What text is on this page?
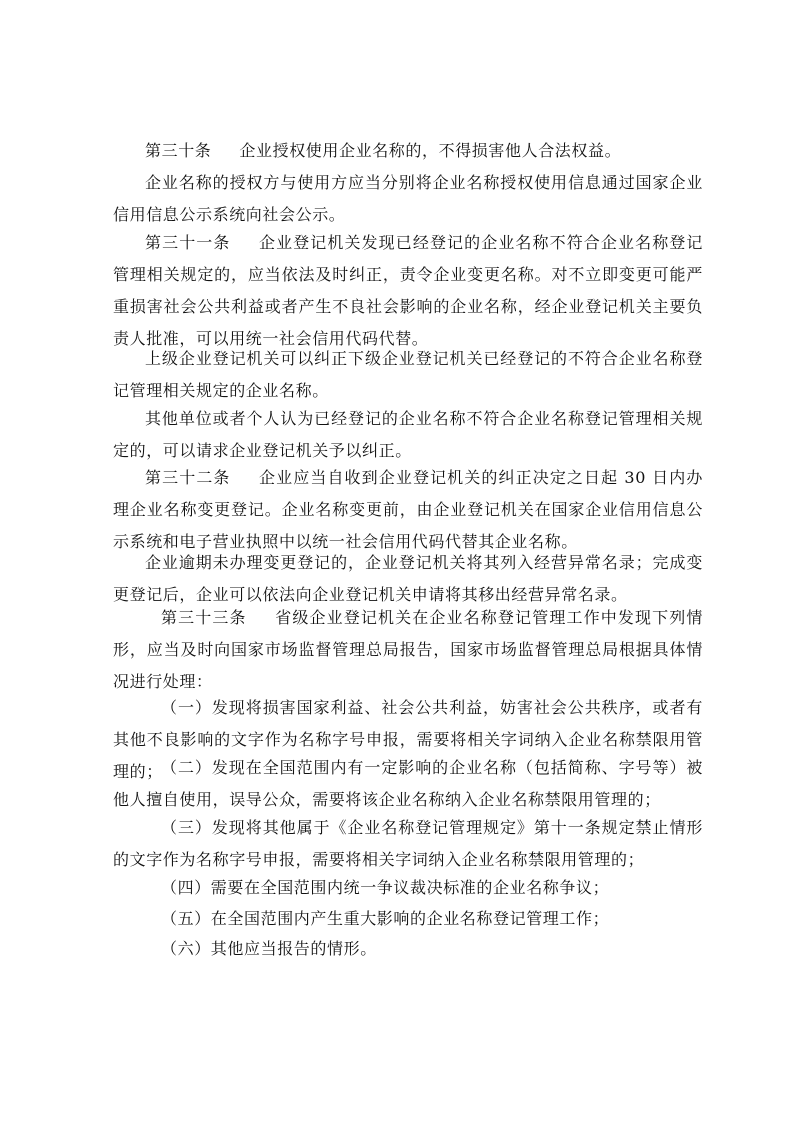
第三十条 企业授权使用企业名称的，不得损害他人合法权益。

企业名称的授权方与使用方应当分别将企业名称授权使用信息通过国家企业信用信息公示系统向社会公示。

第三十一条 企业登记机关发现已经登记的企业名称不符合企业名称登记管理相关规定的，应当依法及时纠正，责令企业变更名称。对不立即变更可能严重损害社会公共利益或者产生不良社会影响的企业名称，经企业登记机关主要负责人批准，可以用统一社会信用代码代替。

上级企业登记机关可以纠正下级企业登记机关已经登记的不符合企业名称登记管理相关规定的企业名称。

其他单位或者个人认为已经登记的企业名称不符合企业名称登记管理相关规定的，可以请求企业登记机关予以纠正。

第三十二条 企业应当自收到企业登记机关的纠正决定之日起 30 日内办理企业名称变更登记。企业名称变更前，由企业登记机关在国家企业信用信息公示系统和电子营业执照中以统一社会信用代码代替其企业名称。

企业逾期未办理变更登记的，企业登记机关将其列入经营异常名录；完成变更登记后，企业可以依法向企业登记机关申请将其移出经营异常名录。

第三十三条 省级企业登记机关在企业名称登记管理工作中发现下列情形，应当及时向国家市场监督管理总局报告，国家市场监督管理总局根据具体情况进行处理：

（一）发现将损害国家利益、社会公共利益，妨害社会公共秩序，或者有其他不良影响的文字作为名称字号申报，需要将相关字词纳入企业名称禁限用管理的；

（二）发现在全国范围内有一定影响的企业名称（包括简称、字号等）被他人擅自使用，误导公众，需要将该企业名称纳入企业名称禁限用管理的；

（三）发现将其他属于《企业名称登记管理规定》第十一条规定禁止情形的文字作为名称字号申报，需要将相关字词纳入企业名称禁限用管理的；

（四）需要在全国范围内统一争议裁决标准的企业名称争议；

（五）在全国范围内产生重大影响的企业名称登记管理工作；

（六）其他应当报告的情形。
